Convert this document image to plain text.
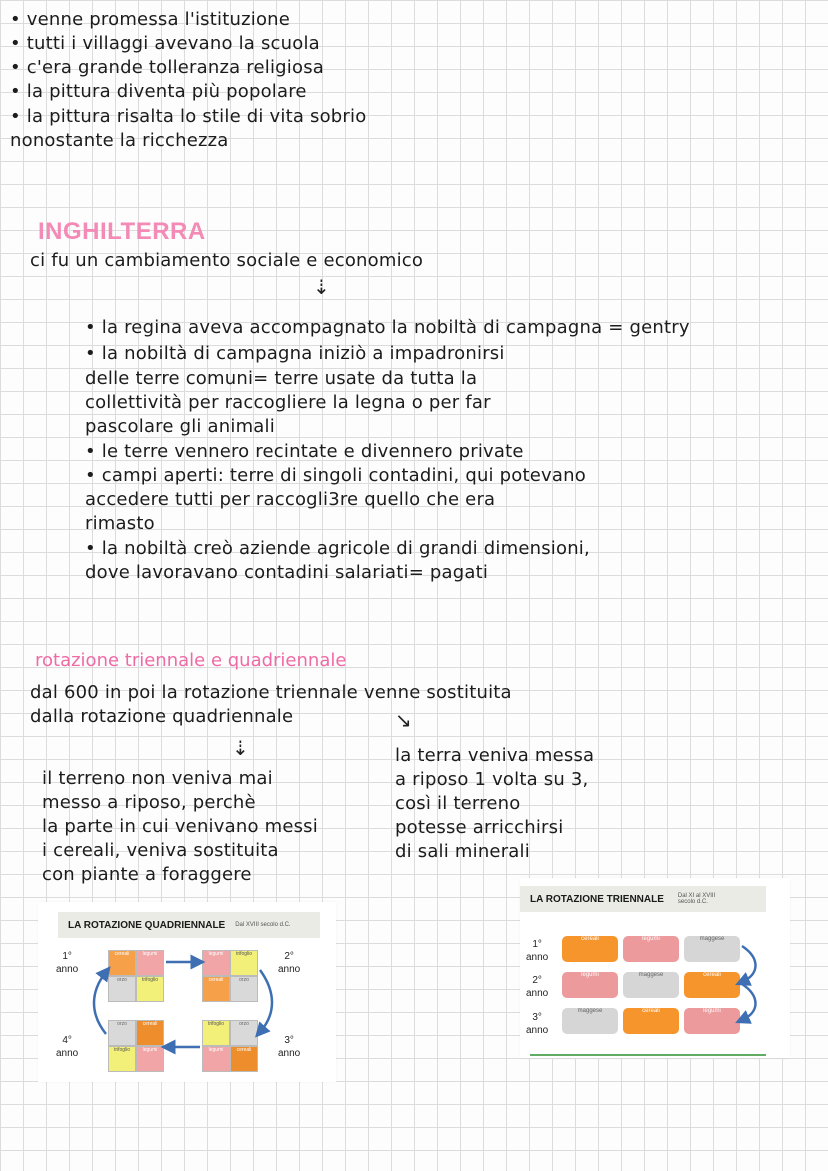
• venne promessa l'istituzione
• tutti i villaggi avevano la scuola
• c'era grande tolleranza religiosa
• la pittura diventa più popolare
• la pittura risalta lo stile di vita sobrio
nonostante la ricchezza
INGHILTERRA
ci fu un cambiamento sociale e economico
⇣
• la regina aveva accompagnato la nobiltà di campagna = gentry
• la nobiltà di campagna iniziò a impadronirsi
delle terre comuni= terre usate da tutta la
collettività per raccogliere la legna o per far
pascolare gli animali
• le terre vennero recintate e divennero private
• campi aperti: terre di singoli contadini, qui potevano
accedere tutti per raccogli3re quello che era
rimasto
• la nobiltà creò aziende agricole di grandi dimensioni,
dove lavoravano contadini salariati= pagati
rotazione triennale e quadriennale
dal 600 in poi la rotazione triennale venne sostituita
dalla rotazione quadriennale	↘
⇣
il terreno non veniva mai
messo a riposo, perchè
la parte in cui venivano messi
i cereali, veniva sostituita
con piante a foraggere
la terra veniva messa
a riposo 1 volta su 3,
così il terreno
potesse arricchirsi
di sali minerali
LA ROTAZIONE QUADRIENNALE Dal XVIII secolo d.C.
1°
anno
2°
anno
4°
anno
3°
anno
cereali	legumi
orzo	trifoglio
legumi	trifoglio
cereali	orzo
orzo	cereali
trifoglio	legumi
trifoglio	orzo
legumi	cereali
LA ROTAZIONE TRIENNALE Dal XI al XVIII secolo d.C.
1°
anno
2°
anno
3°
anno
cereali	legumi	maggese
legumi	maggese	cereali
maggese	cereali	legumi
